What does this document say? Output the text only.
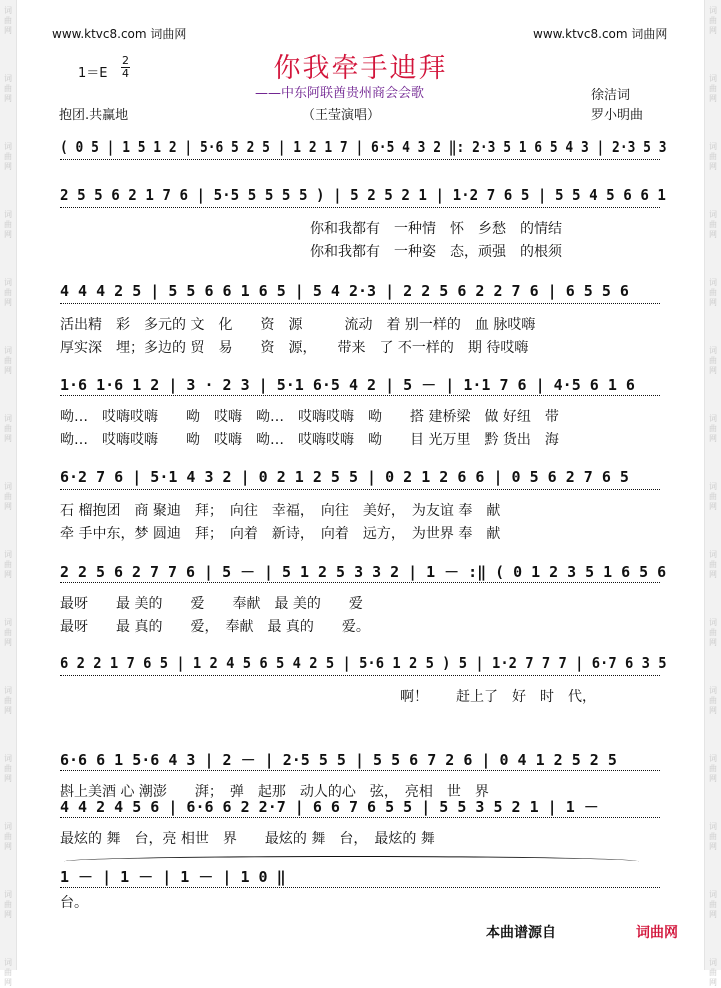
词
曲
网
词
曲
网
词
曲
网
词
曲
网
词
曲
网
词
曲
网
词
曲
网
词
曲
网
词
曲
网
词
曲
网
词
曲
网
词
曲
网
词
曲
网
词
曲
网
词
曲
网
词
曲
网
词
曲
网
词
曲
网
词
曲
网
词
曲
网
词
曲
网
词
曲
网
词
曲
网
词
曲
网
词
曲
网
词
曲
网
词
曲
网
词
曲
网
词
曲
网
词
曲
网
www.ktvc8.com 词曲网	www.ktvc8.com 词曲网
你我牵手迪拜
——中东阿联酋贵州商会会歌
1＝E
2
4
徐洁词
抱团.共赢地	（王莹演唱）	罗小明曲
( 0 5 | 1 5 1 2 | 5·6 5 2 5 | 1 2 1 7 | 6·5 4 3 2 ‖: 2·3 5 1 6 5 4 3 | 2·3 5 3
2 5 5 6 2 1 7 6 | 5·5 5 5 5 5 ) | 5 2 5 2 1 | 1·2 7 6 5 | 5 5 4 5 6 6 1
你和我都有　一种情　怀　乡愁　的情结
你和我都有　一种姿　态，顽强　的根须
4 4 4 2 5 | 5 5 6 6 1 6 5 | 5 4 2·3 | 2 2 5 6 2 2 7 6 | 6 5 5 6
活出精　彩　多元的 文　化　　资　源　　　流动　着 别一样的　血 脉哎嗨
厚实深　埋；多边的 贸　易　　资　源，　　带来　了 不一样的　期 待哎嗨
1·6 1·6 1 2 | 3 · 2 3 | 5·1 6·5 4 2 | 5 － | 1·1 7 6 | 4·5 6 1 6
呦…　哎嗨哎嗨　　呦　哎嗨　呦…　哎嗨哎嗨　呦　　搭 建桥梁　做 好纽　带
呦…　哎嗨哎嗨　　呦　哎嗨　呦…　哎嗨哎嗨　呦　　目 光万里　黔 货出　海
6·2 7 6 | 5·1 4 3 2 | 0 2 1 2 5 5 | 0 2 1 2 6 6 | 0 5 6 2 7 6 5
石 榴抱团　商 聚迪　拜；　向往　幸福，　向往　美好，　为友谊 奉　献
牵 手中东，梦 圆迪　拜；　向着　新诗，　向着　远方，　为世界 奉　献
2 2 5 6 2 7 7 6 | 5 － | 5 1 2 5 3 3 2 | 1 － :‖ ( 0 1 2 3 5 1 6 5 6
最呀　　最 美的　　爱　　奉献　最 美的　　爱
最呀　　最 真的　　爱，　奉献　最 真的　　爱。
6 2 2 1 7 6 5 | 1 2 4 5 6 5 4 2 5 | 5·6 1 2 5 ) 5 | 1·2 7 7 7 | 6·7 6 3 5
啊！　　赶上了　好　时　代，
6·6 6 1 5·6 4 3 | 2 － | 2·5 5 5 | 5 5 6 7 2 6 | 0 4 1 2 5 2 5
斟上美酒 心 潮澎　　湃；　弹　起那　动人的心　弦，　亮相　世　界
4 4 2 4 5 6 | 6·6 6 2 2·7 | 6 6 7 6 5 5 | 5 5 3 5 2 1 | 1 －
最炫的 舞　台，亮 相世　界　　最炫的 舞　台，　最炫的 舞
1 － | 1 － | 1 － | 1 0 ‖
台。
本曲谱源自	词曲网
